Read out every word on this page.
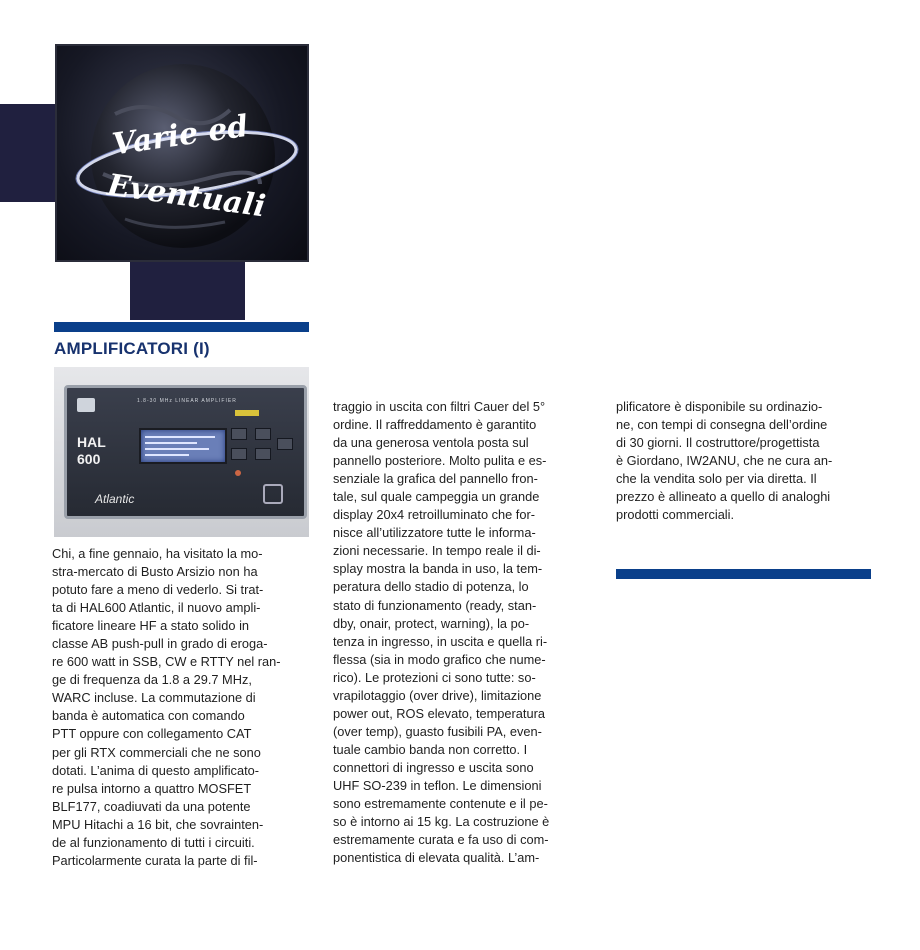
Varie ed
Eventuali
AMPLIFICATORI (I)
1.8-30 MHz LINEAR AMPLIFIER
HAL
600
Atlantic
Chi, a fine gennaio, ha visitato la mo-
stra-mercato di Busto Arsizio non ha
potuto fare a meno di vederlo. Si trat-
ta di HAL600 Atlantic, il nuovo ampli-
ficatore lineare HF a stato solido in
classe AB push-pull in grado di eroga-
re 600 watt in SSB, CW e RTTY nel ran-
ge di frequenza da 1.8 a 29.7 MHz,
WARC incluse. La commutazione di
banda è automatica con comando
PTT oppure con collegamento CAT
per gli RTX commerciali che ne sono
dotati. L’anima di questo amplificato-
re pulsa intorno a quattro MOSFET
BLF177, coadiuvati da una potente
MPU Hitachi a 16 bit, che sovrainten-
de al funzionamento di tutti i circuiti.
Particolarmente curata la parte di fil-
traggio in uscita con filtri Cauer del 5°
ordine. Il raffreddamento è garantito
da una generosa ventola posta sul
pannello posteriore. Molto pulita e es-
senziale la grafica del pannello fron-
tale, sul quale campeggia un grande
display 20x4 retroilluminato che for-
nisce all’utilizzatore tutte le informa-
zioni necessarie. In tempo reale il di-
splay mostra la banda in uso, la tem-
peratura dello stadio di potenza, lo
stato di funzionamento (ready, stan-
dby, onair, protect, warning), la po-
tenza in ingresso, in uscita e quella ri-
flessa (sia in modo grafico che nume-
rico). Le protezioni ci sono tutte: so-
vrapilotaggio (over drive), limitazione
power out, ROS elevato, temperatura
(over temp), guasto fusibili PA, even-
tuale cambio banda non corretto. I
connettori di ingresso e uscita sono
UHF SO-239 in teflon. Le dimensioni
sono estremamente contenute e il pe-
so è intorno ai 15 kg. La costruzione è
estremamente curata e fa uso di com-
ponentistica di elevata qualità. L’am-
plificatore è disponibile su ordinazio-
ne, con tempi di consegna dell’ordine
di 30 giorni. Il costruttore/progettista
è Giordano, IW2ANU, che ne cura an-
che la vendita solo per via diretta. Il
prezzo è allineato a quello di analoghi
prodotti commerciali.
